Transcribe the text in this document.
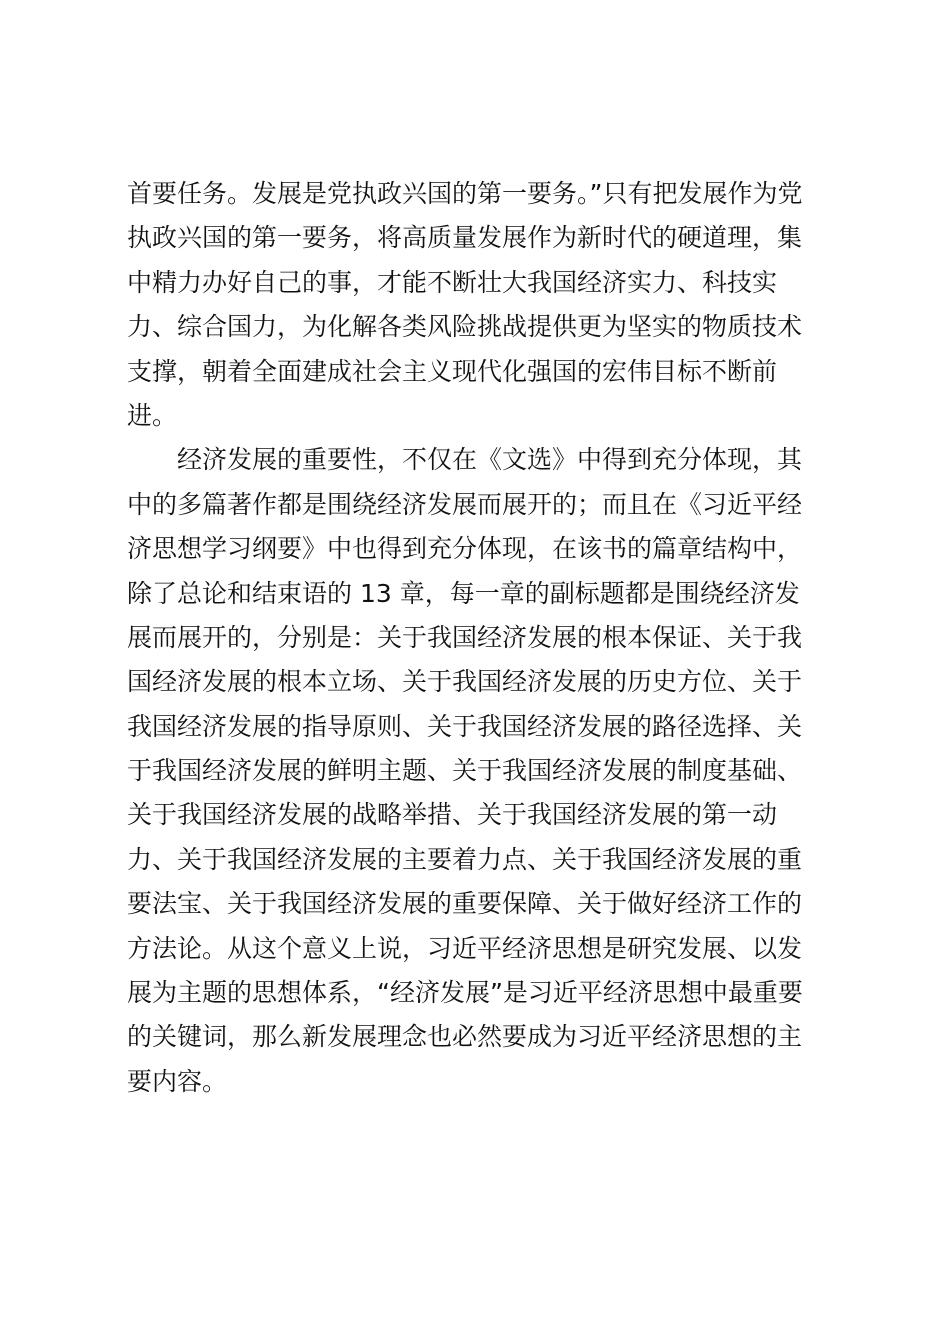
首要任务。发展是党执政兴国的第一要务。”只有把发展作为党
执政兴国的第一要务，将高质量发展作为新时代的硬道理，集
中精力办好自己的事，才能不断壮大我国经济实力、科技实
力、综合国力，为化解各类风险挑战提供更为坚实的物质技术
支撑，朝着全面建成社会主义现代化强国的宏伟目标不断前
进。
经济发展的重要性，不仅在《文选》中得到充分体现，其
中的多篇著作都是围绕经济发展而展开的；而且在《习近平经
济思想学习纲要》中也得到充分体现，在该书的篇章结构中，
除了总论和结束语的 13 章，每一章的副标题都是围绕经济发
展而展开的，分别是：关于我国经济发展的根本保证、关于我
国经济发展的根本立场、关于我国经济发展的历史方位、关于
我国经济发展的指导原则、关于我国经济发展的路径选择、关
于我国经济发展的鲜明主题、关于我国经济发展的制度基础、
关于我国经济发展的战略举措、关于我国经济发展的第一动
力、关于我国经济发展的主要着力点、关于我国经济发展的重
要法宝、关于我国经济发展的重要保障、关于做好经济工作的
方法论。从这个意义上说，习近平经济思想是研究发展、以发
展为主题的思想体系，“经济发展”是习近平经济思想中最重要
的关键词，那么新发展理念也必然要成为习近平经济思想的主
要内容。
